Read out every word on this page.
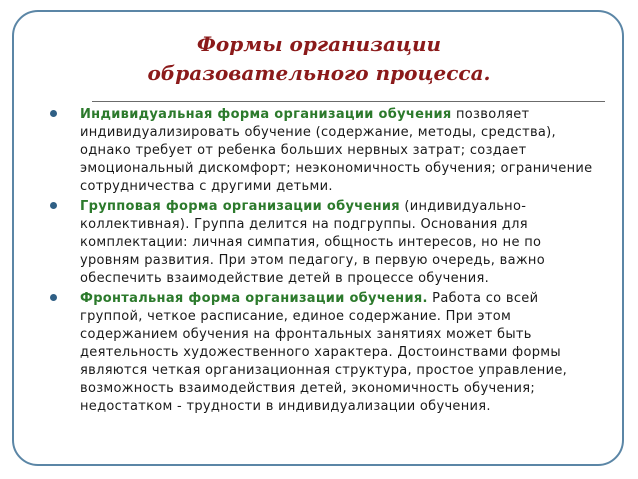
Формы организации
образовательного процесса.
Индивидуальная форма организации обучения позволяет индивидуализировать обучение (содержание, методы, средства), однако требует от ребенка больших нервных затрат; создает эмоциональный дискомфорт; неэкономичность обучения; ограничение сотрудничества с другими детьми.
Групповая форма организации обучения (индивидуально-коллективная). Группа делится на подгруппы. Основания для комплектации: личная симпатия, общность интересов, но не по уровням развития. При этом педагогу, в первую очередь, важно обеспечить взаимодействие детей в процессе обучения.
Фронтальная форма организации обучения. Работа со всей группой, четкое расписание, единое содержание. При этом содержанием обучения на фронтальных занятиях может быть деятельность художественного характера. Достоинствами формы являются четкая организационная структура, простое управление, возможность взаимодействия детей, экономичность обучения; недостатком - трудности в индивидуализации обучения.
